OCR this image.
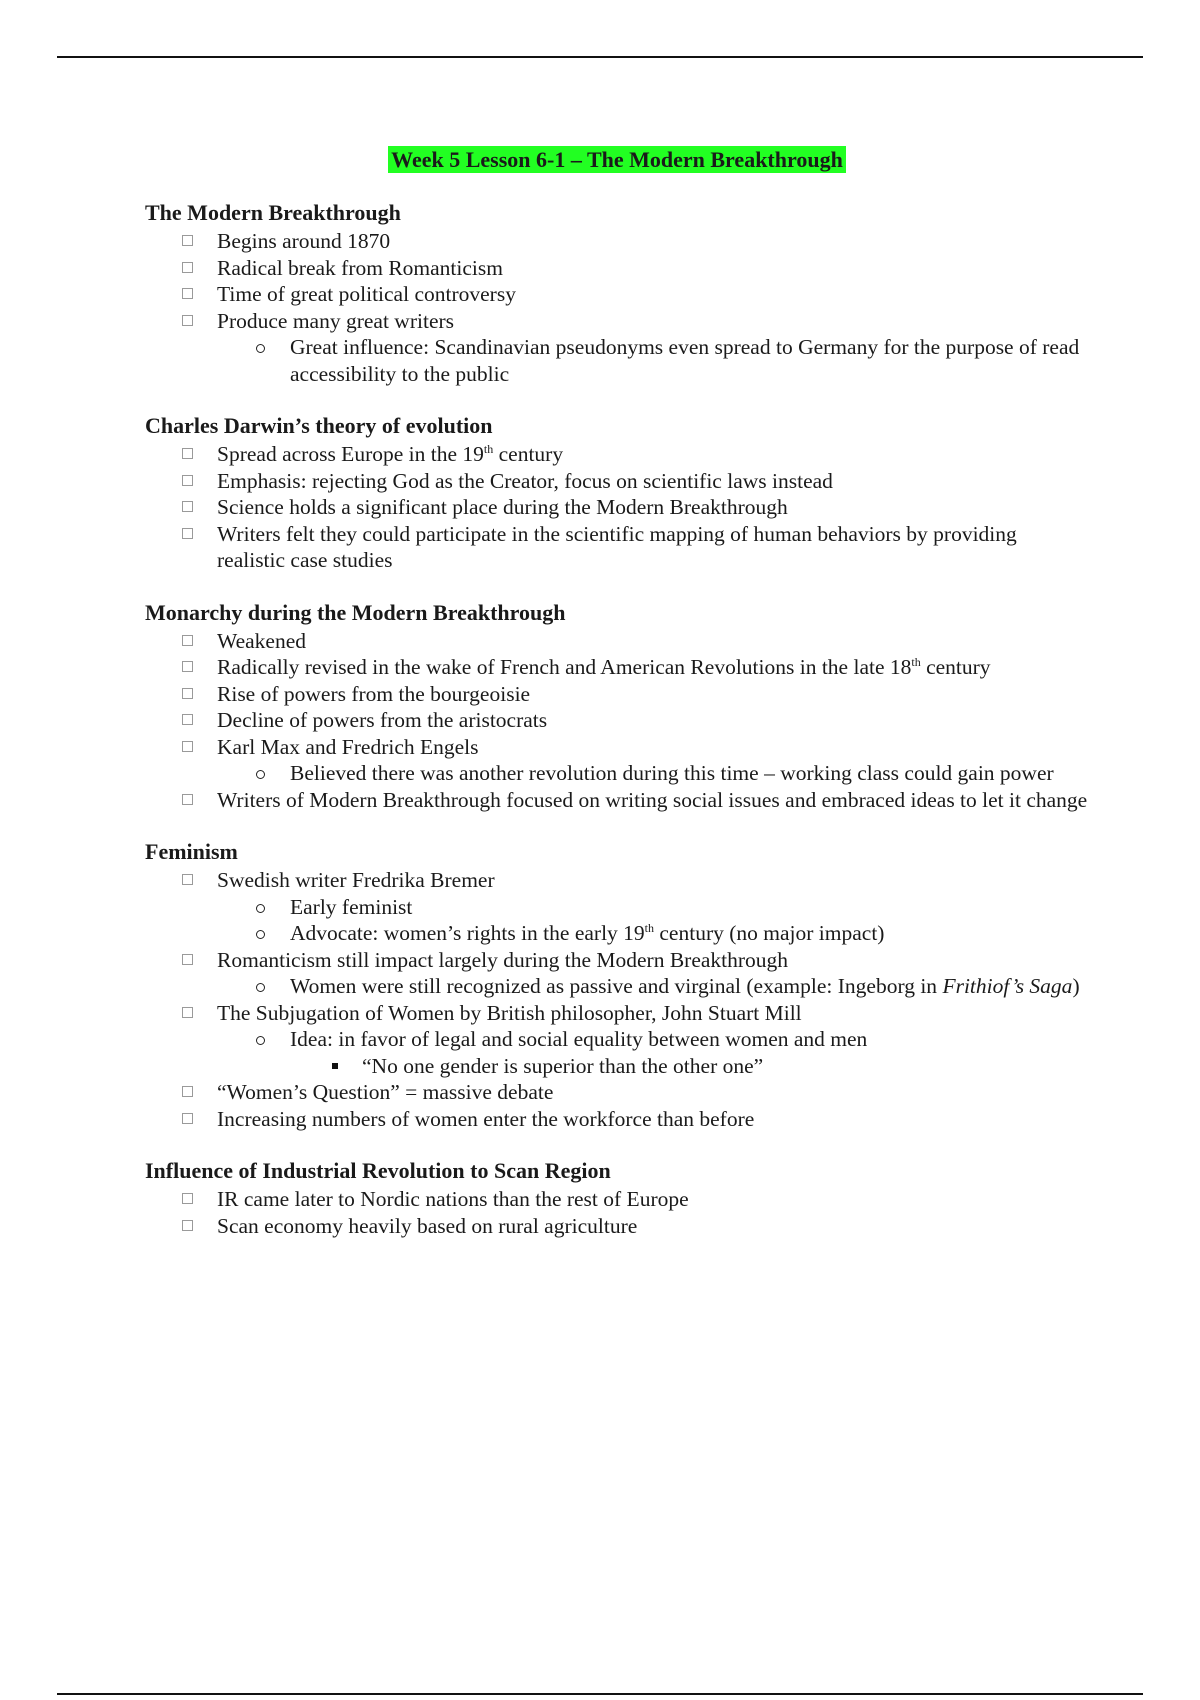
Week 5 Lesson 6-1 – The Modern Breakthrough
The Modern Breakthrough
Begins around 1870
Radical break from Romanticism
Time of great political controversy
Produce many great writers
Great influence: Scandinavian pseudonyms even spread to Germany for the purpose of read accessibility to the public
Charles Darwin’s theory of evolution
Spread across Europe in the 19th century
Emphasis: rejecting God as the Creator, focus on scientific laws instead
Science holds a significant place during the Modern Breakthrough
Writers felt they could participate in the scientific mapping of human behaviors by providing realistic case studies
Monarchy during the Modern Breakthrough
Weakened
Radically revised in the wake of French and American Revolutions in the late 18th century
Rise of powers from the bourgeoisie
Decline of powers from the aristocrats
Karl Max and Fredrich Engels
Believed there was another revolution during this time – working class could gain power
Writers of Modern Breakthrough focused on writing social issues and embraced ideas to let it change
Feminism
Swedish writer Fredrika Bremer
Early feminist
Advocate: women’s rights in the early 19th century (no major impact)
Romanticism still impact largely during the Modern Breakthrough
Women were still recognized as passive and virginal (example: Ingeborg in Frithiof’s Saga)
The Subjugation of Women by British philosopher, John Stuart Mill
Idea: in favor of legal and social equality between women and men
“No one gender is superior than the other one”
“Women’s Question” = massive debate
Increasing numbers of women enter the workforce than before
Influence of Industrial Revolution to Scan Region
IR came later to Nordic nations than the rest of Europe
Scan economy heavily based on rural agriculture
